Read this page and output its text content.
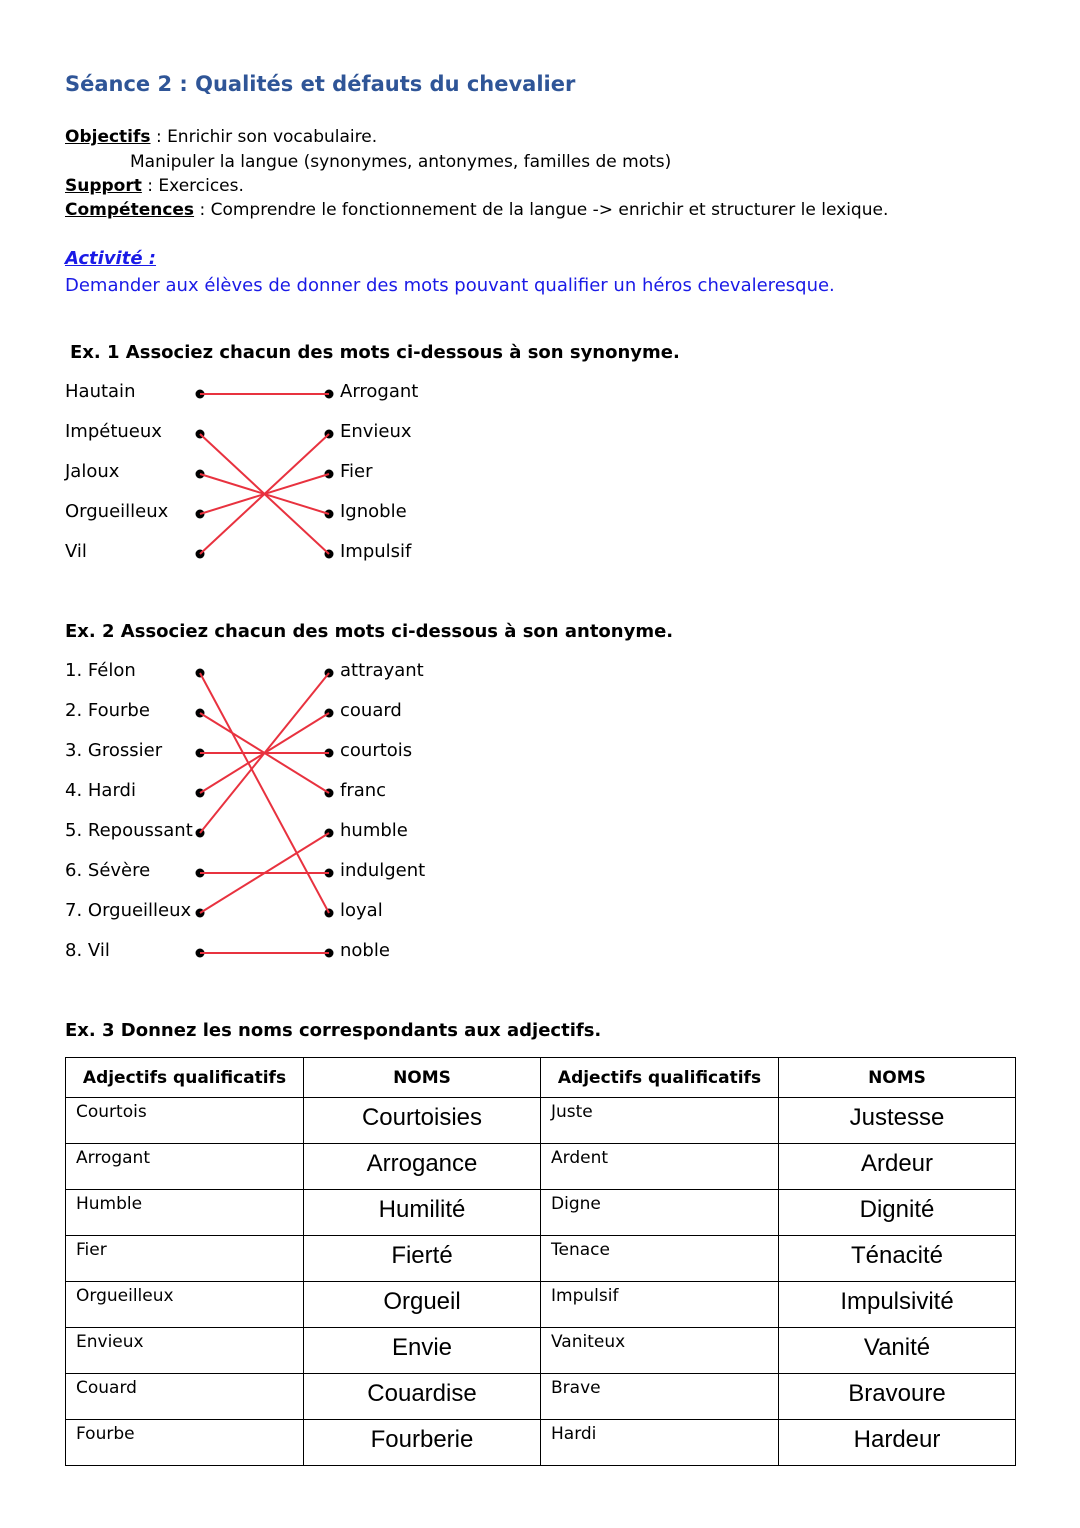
Séance 2 : Qualités et défauts du chevalier
Objectifs : Enrichir son vocabulaire.
Manipuler la langue (synonymes, antonymes, familles de mots)
Support : Exercices.
Compétences : Comprendre le fonctionnement de la langue -> enrichir et structurer le lexique.
Activité :
Demander aux élèves de donner des mots pouvant qualifier un héros chevaleresque.
Ex. 1 Associez chacun des mots ci-dessous à son synonyme.
Hautain
Impétueux
Jaloux
Orgueilleux
Vil
Arrogant
Envieux
Fier
Ignoble
Impulsif
Ex. 2 Associez chacun des mots ci-dessous à son antonyme.
1. Félon
2. Fourbe
3. Grossier
4. Hardi
5. Repoussant
6. Sévère
7. Orgueilleux
8. Vil
attrayant
couard
courtois
franc
humble
indulgent
loyal
noble
Ex. 3 Donnez les noms correspondants aux adjectifs.
Adjectifs qualificatifs	NOMS	Adjectifs qualificatifs	NOMS
Courtois	Courtoisies	Juste	Justesse
Arrogant	Arrogance	Ardent	Ardeur
Humble	Humilité	Digne	Dignité
Fier	Fierté	Tenace	Ténacité
Orgueilleux	Orgueil	Impulsif	Impulsivité
Envieux	Envie	Vaniteux	Vanité
Couard	Couardise	Brave	Bravoure
Fourbe	Fourberie	Hardi	Hardeur
